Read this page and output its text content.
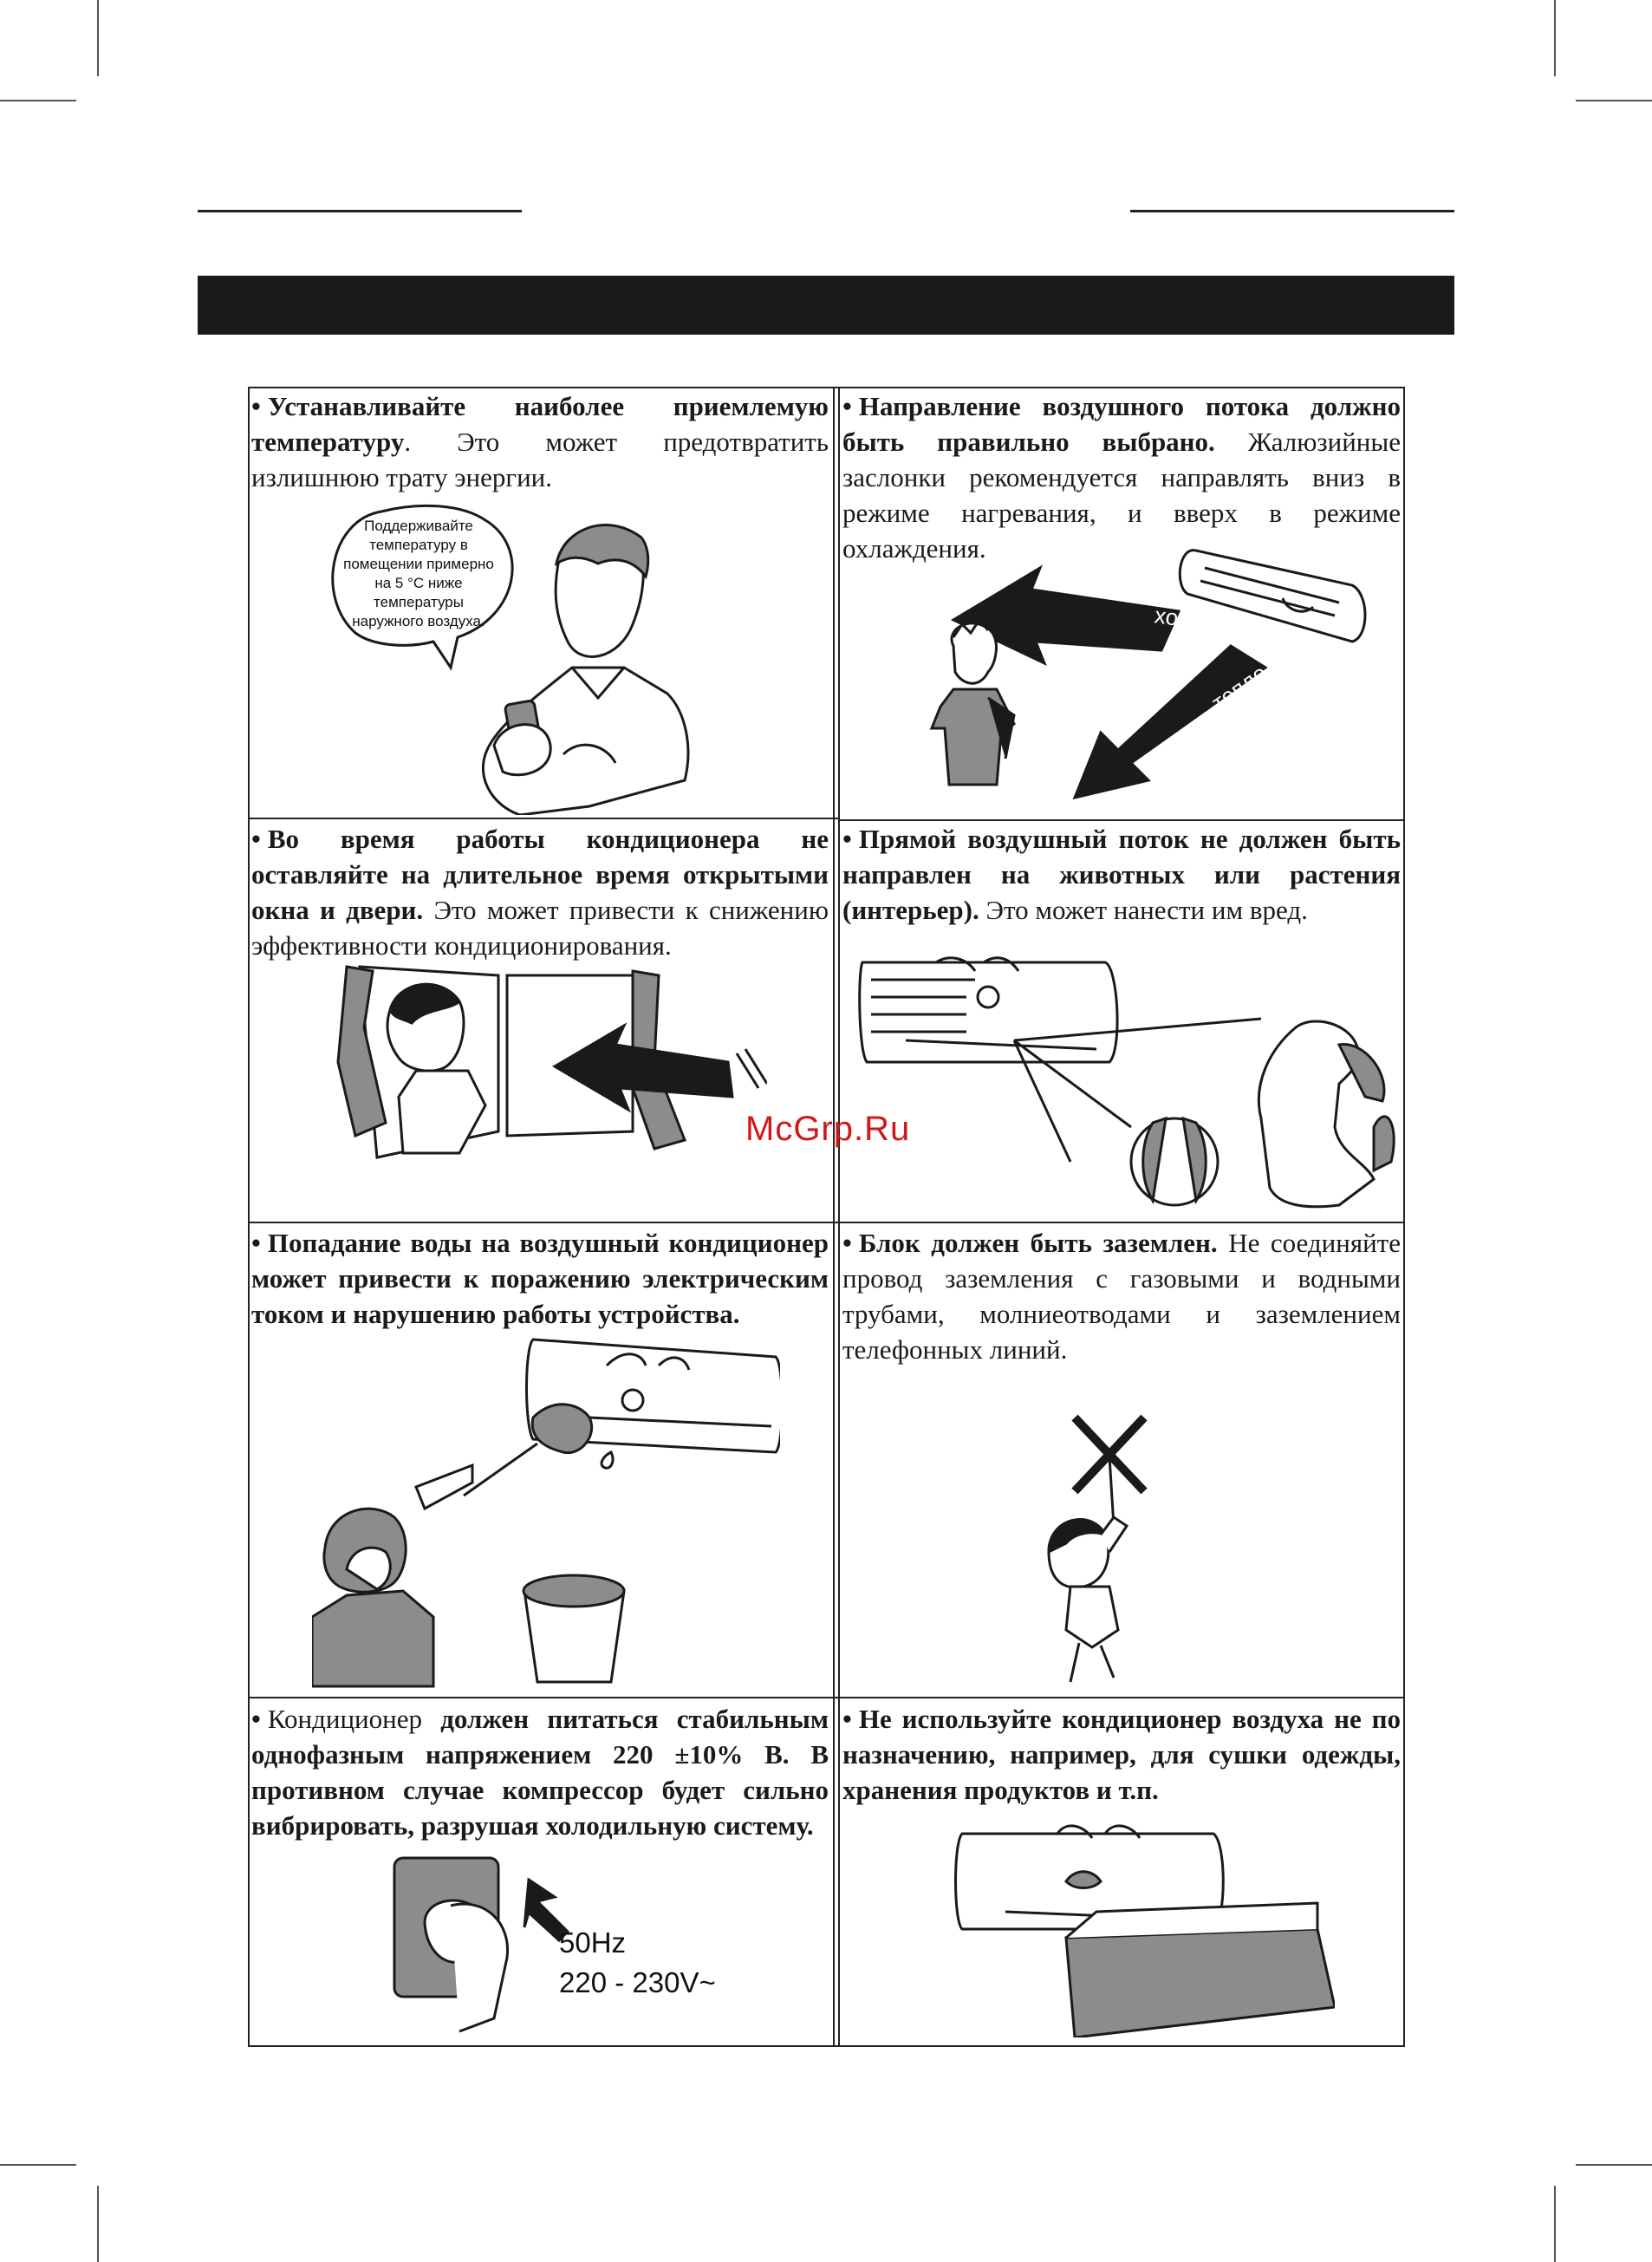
• Устанавливайте наиболее приемлемую температуру. Это может предотвратить излишнюю трату энергии.
Поддерживайте температуру в помещении примерно на 5 °С ниже температуры наружного воздуха.
• Направление воздушного потока должно быть правильно выбрано. Жалюзийные заслонки рекомендуется направлять вниз в режиме нагревания, и вверх в режиме охлаждения.
холод
тепло
• Во время работы кондиционера не оставляйте на длительное время открытыми окна и двери. Это может привести к снижению эффективности кондиционирования.
• Прямой воздушный поток не должен быть направлен на животных или растения (интерьер). Это может нанести им вред.
McGrp.Ru
• Попадание воды на воздушный кондиционер может привести к поражению электрическим током и нарушению работы устройства.
• Блок должен быть заземлен. Не соединяйте провод заземления с газовыми и водными трубами, молниеотводами и заземлением телефонных линий.
• Кондиционер должен питаться стабильным однофазным напряжением 220 ±10% В. В противном случае компрессор будет сильно вибрировать, разрушая холодильную систему.
50Hz
220 - 230V~
• Не используйте кондиционер воздуха не по назначению, например, для сушки одежды, хранения продуктов и т.п.
